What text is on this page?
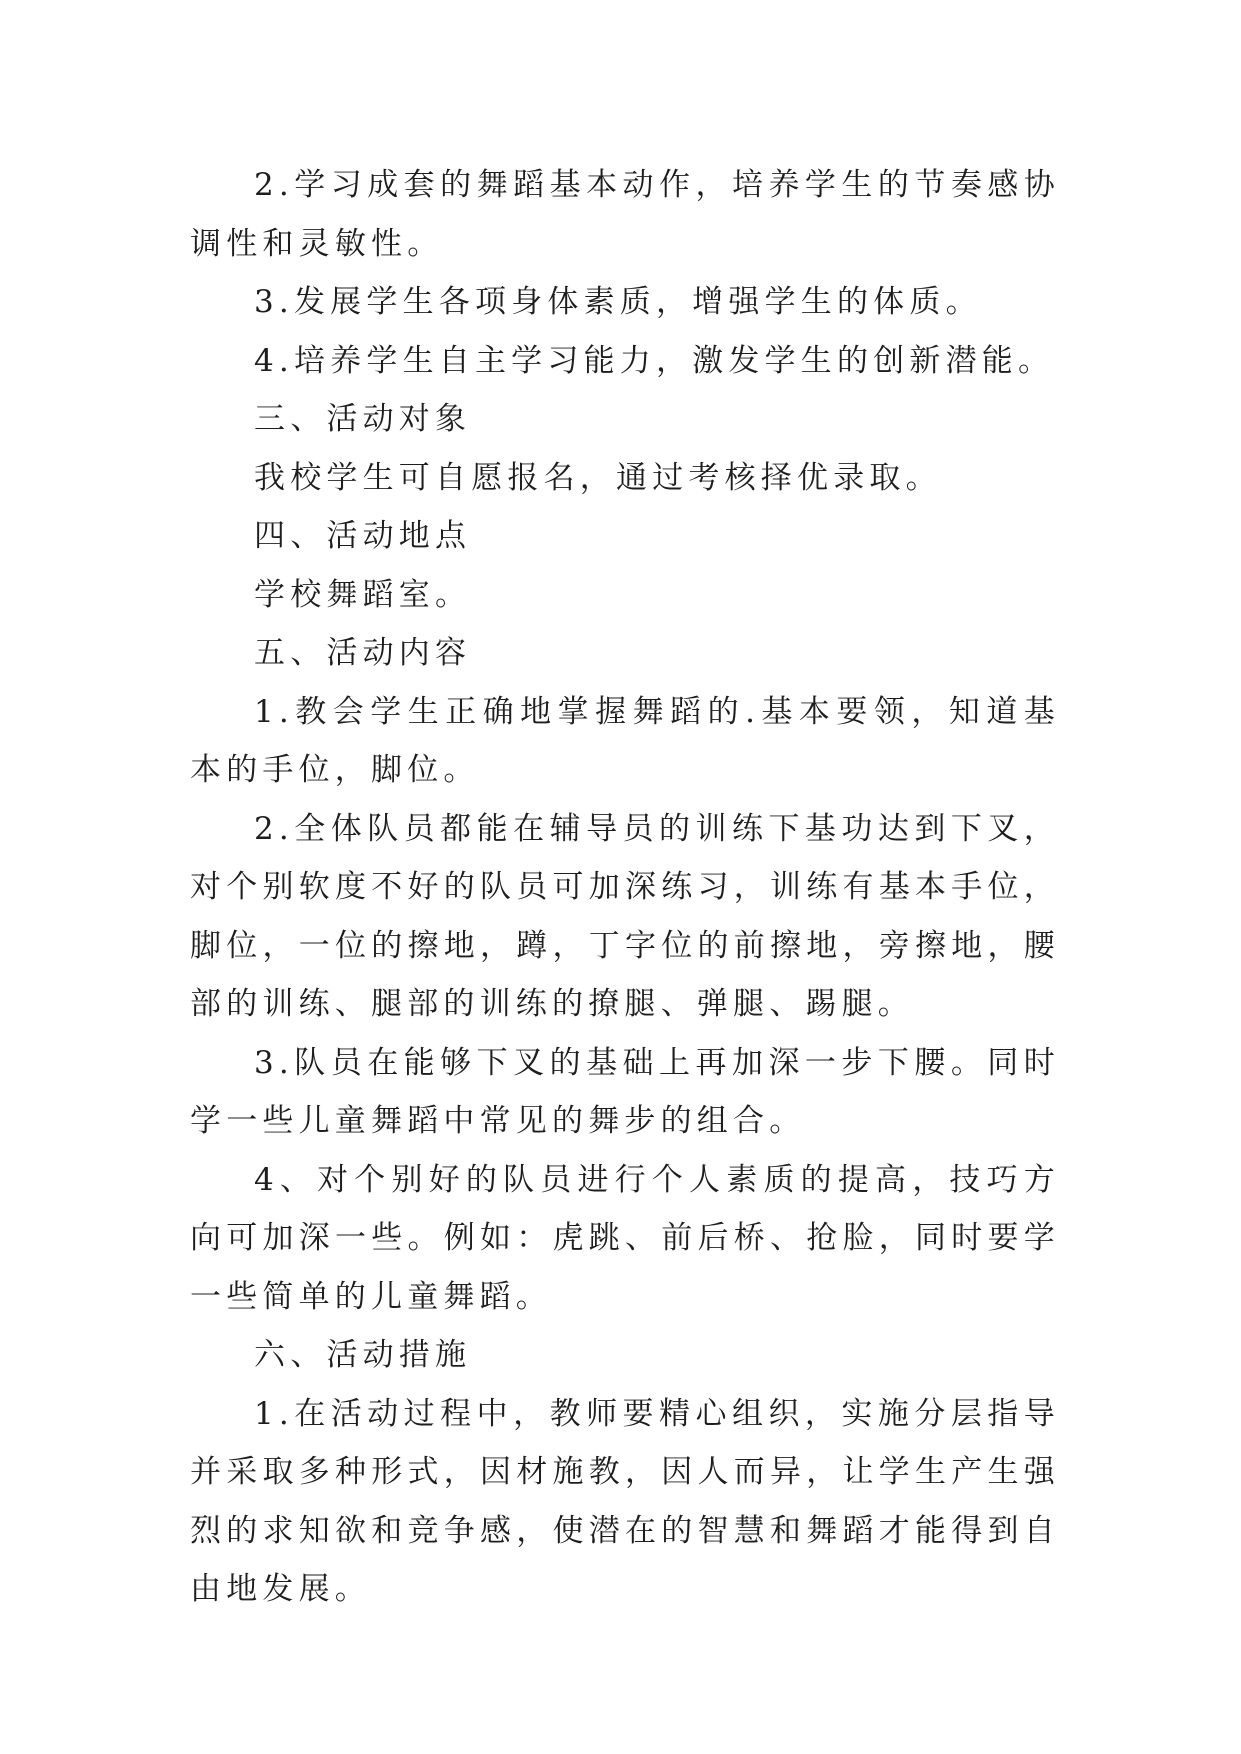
2.学习成套的舞蹈基本动作，培养学生的节奏感协调性和灵敏性。

3.发展学生各项身体素质，增强学生的体质。

4.培养学生自主学习能力，激发学生的创新潜能。

三、活动对象

我校学生可自愿报名，通过考核择优录取。

四、活动地点

学校舞蹈室。

五、活动内容

1.教会学生正确地掌握舞蹈的.基本要领，知道基本的手位，脚位。

2.全体队员都能在辅导员的训练下基功达到下叉，对个别软度不好的队员可加深练习，训练有基本手位，脚位，一位的擦地，蹲，丁字位的前擦地，旁擦地，腰部的训练、腿部的训练的撩腿、弹腿、踢腿。

3.队员在能够下叉的基础上再加深一步下腰。同时学一些儿童舞蹈中常见的舞步的组合。

4、对个别好的队员进行个人素质的提高，技巧方向可加深一些。例如：虎跳、前后桥、抢脸，同时要学一些简单的儿童舞蹈。

六、活动措施

1.在活动过程中，教师要精心组织，实施分层指导并采取多种形式，因材施教，因人而异，让学生产生强烈的求知欲和竞争感，使潜在的智慧和舞蹈才能得到自由地发展。
